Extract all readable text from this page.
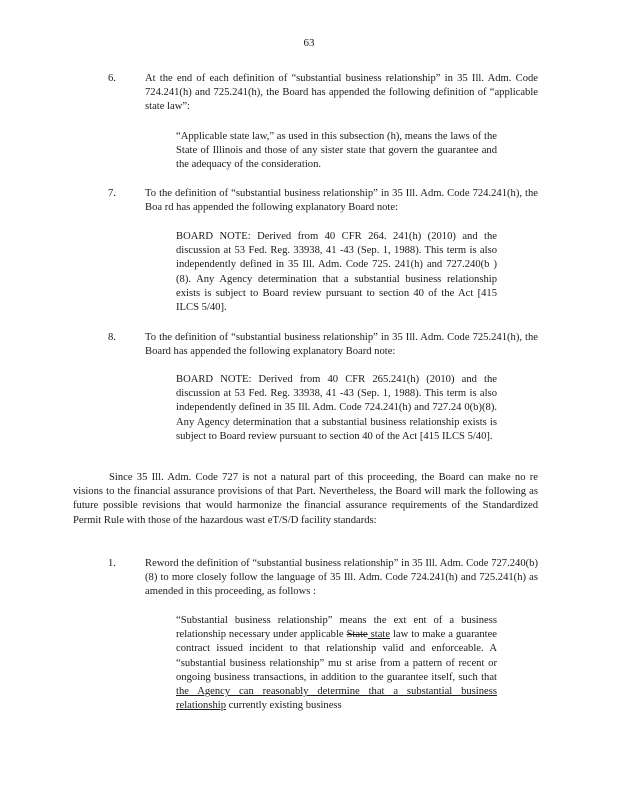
63
6.	At the end of each definition of “substantial business relationship” in 35 Ill. Adm. Code 724.241(h) and 725.241(h), the Board has appended the following definition of “applicable state law”:
“Applicable state law,” as used in this subsection (h), means the laws of the State of Illinois and those of any sister state that govern the guarantee and the adequacy of the consideration.
7.	To the definition of “substantial business relationship” in 35 Ill. Adm. Code 724.241(h), the Boa rd has appended the following explanatory Board note:
BOARD NOTE: Derived from 40 CFR 264. 241(h) (2010) and the discussion at 53 Fed. Reg. 33938, 41 -43 (Sep. 1, 1988). This term is also independently defined in 35 Ill. Adm. Code 725. 241(h) and 727.240(b )(8). Any Agency determination that a substantial business relationship exists is subject to Board review pursuant to section 40 of the Act [415 ILCS 5/40].
8.	To the definition of “substantial business relationship” in 35 Ill. Adm. Code 725.241(h), the Board has appended the following explanatory Board note:
BOARD NOTE: Derived from 40 CFR 265.241(h) (2010) and the discussion at 53 Fed. Reg. 33938, 41 -43 (Sep. 1, 1988). This term is also independently defined in 35 Ill. Adm. Code 724.241(h) and 727.24 0(b)(8). Any Agency determination that a substantial business relationship exists is subject to Board review pursuant to section 40 of the Act [415 ILCS 5/40].
Since 35 Ill. Adm. Code 727 is not a natural part of this proceeding, the Board can make no re visions to the financial assurance provisions of that Part. Nevertheless, the Board will mark the following as future possible revisions that would harmonize the financial assurance requirements of the Standardized Permit Rule with those of the hazardous wast eT/S/D facility standards:
1.	Reword the definition of “substantial business relationship” in 35 Ill. Adm. Code 727.240(b)(8) to more closely follow the language of 35 Ill. Adm. Code 724.241(h) and 725.241(h) as amended in this proceeding, as follows :
“Substantial business relationship” means the ext ent of a business relationship necessary under applicable State state law to make a guarantee contract issued incident to that relationship valid and enforceable. A “substantial business relationship” mu st arise from a pattern of recent or ongoing business transactions, in addition to the guarantee itself, such that the Agency can reasonably determine that a substantial business relationship currently existing business
